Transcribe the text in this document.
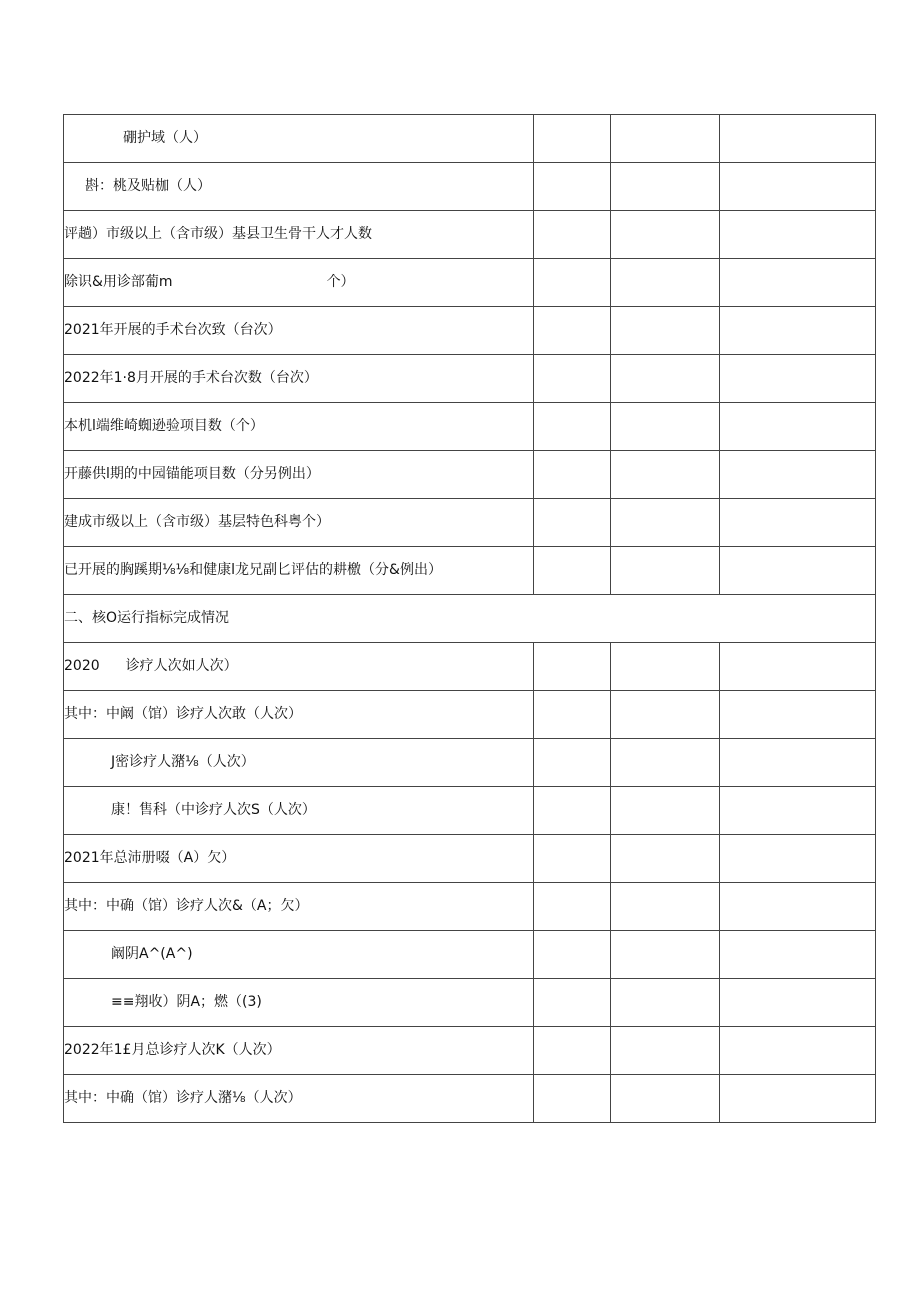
硼护域（人）			
斟：桃及贴枷（人）			
评趟）市级以上（含市级）基县卫生骨干人才人数			
除识&用诊部葡m 个）			
2021年开展的手术台次致（台次）			
2022年1·8月开展的手术台次数（台次）			
本机l端维崎蜘逊验项目数（个）			
开藤供l期的中园锚能项目数（分另例出）			
建成市级以上（含市级）基层特色科粤个）			
已开展的胸蹊期⅛⅛和健康l龙兄副匕评估的耕檄（分&例出）			
二、核O运行指标完成情况			
2020 诊疗人次如人次）			
其中：中阚（馆）诊疗人次敢（人次）			
J密诊疗人潴⅛（人次）			
康！售科（中诊疗人次S（人次）			
2021年总沛册啜（A）欠）			
其中：中确（馆）诊疗人次&（A；欠）			
阚阴A^(A^)			
≡≡翔收）阴A；燃（(3)			
2022年1£月总诊疗人次K（人次）			
其中：中确（馆）诊疗人潴⅛（人次）			
